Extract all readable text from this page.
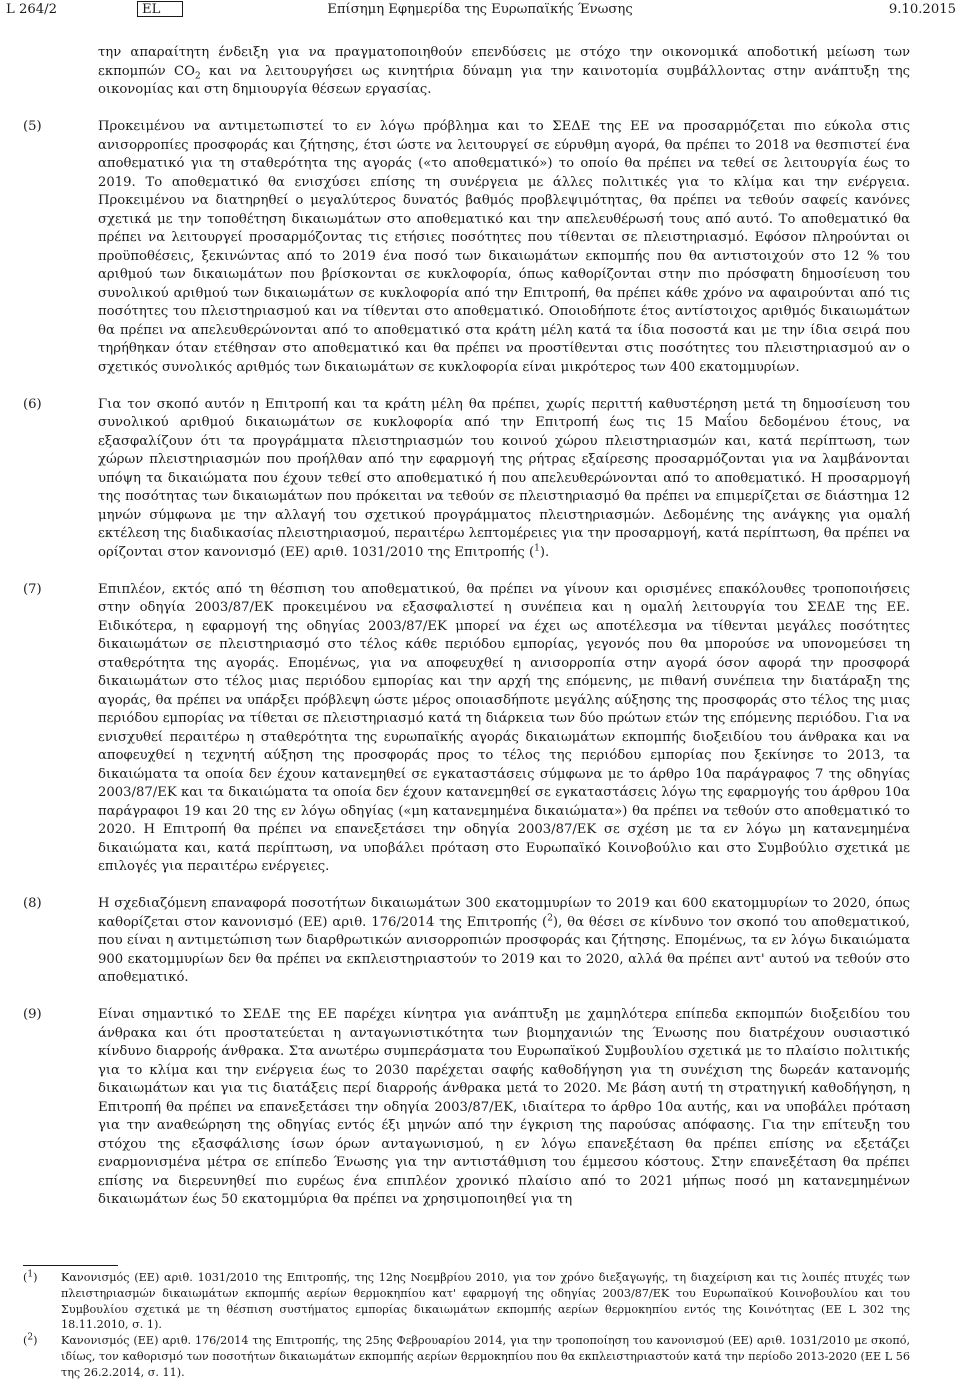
L 264/2	Επίσημη Εφημερίδα της Ευρωπαϊκής Ένωσης
EL	9.10.2015

την απαραίτητη ένδειξη για να πραγματοποιηθούν επενδύσεις με στόχο την οικονομικά αποδοτική μείωση των εκπομπών $CO_2$ και να λειτουργήσει ως κινητήρια δύναμη για την καινοτομία συμβάλλοντας στην ανάπτυξη της οικονομίας και στη δημιουργία θέσεων εργασίας.

(5)	Προκειμένου να αντιμετωπιστεί το εν λόγω πρόβλημα και το ΣΕΔΕ της ΕΕ να προσαρμόζεται πιο εύκολα στις ανισορροπίες προσφοράς και ζήτησης, έτσι ώστε να λειτουργεί σε εύρυθμη αγορά, θα πρέπει το 2018 να θεσπιστεί ένα αποθεματικό για τη σταθερότητα της αγοράς («το αποθεματικό») το οποίο θα πρέπει να τεθεί σε λειτουργία έως το 2019. Το αποθεματικό θα ενισχύσει επίσης τη συνέργεια με άλλες πολιτικές για το κλίμα και την ενέργεια. Προκειμένου να διατηρηθεί ο μεγαλύτερος δυνατός βαθμός προβλεψιμότητας, θα πρέπει να τεθούν σαφείς κανόνες σχετικά με την τοποθέτηση δικαιωμάτων στο αποθεματικό και την απελευθέρωσή τους από αυτό. Το αποθεματικό θα πρέπει να λειτουργεί προσαρμόζοντας τις ετήσιες ποσότητες που τίθενται σε πλειστηριασμό. Εφόσον πληρούνται οι προϋποθέσεις, ξεκινώντας από το 2019 ένα ποσό των δικαιωμάτων εκπομπής που θα αντιστοιχούν στο 12 % του αριθμού των δικαιωμάτων που βρίσκονται σε κυκλοφορία, όπως καθορίζονται στην πιο πρόσφατη δημοσίευση του συνολικού αριθμού των δικαιωμάτων σε κυκλοφορία από την Επιτροπή, θα πρέπει κάθε χρόνο να αφαιρούνται από τις ποσότητες του πλειστηριασμού και να τίθενται στο αποθεματικό. Οποιοδήποτε έτος αντίστοιχος αριθμός δικαιωμάτων θα πρέπει να απελευθερώνονται από το αποθεματικό στα κράτη μέλη κατά τα ίδια ποσοστά και με την ίδια σειρά που τηρήθηκαν όταν ετέθησαν στο αποθεματικό και θα πρέπει να προστίθενται στις ποσότητες του πλειστηριασμού αν ο σχετικός συνολικός αριθμός των δικαιωμάτων σε κυκλοφορία είναι μικρότερος των 400 εκατομμυρίων.

(6)	Για τον σκοπό αυτόν η Επιτροπή και τα κράτη μέλη θα πρέπει, χωρίς περιττή καθυστέρηση μετά τη δημοσίευση του συνολικού αριθμού δικαιωμάτων σε κυκλοφορία από την Επιτροπή έως τις 15 Μαΐου δεδομένου έτους, να εξασφαλίζουν ότι τα προγράμματα πλειστηριασμών του κοινού χώρου πλειστηριασμών και, κατά περίπτωση, των χώρων πλειστηριασμών που προήλθαν από την εφαρμογή της ρήτρας εξαίρεσης προσαρμόζονται για να λαμβάνονται υπόψη τα δικαιώματα που έχουν τεθεί στο αποθεματικό ή που απελευθερώνονται από το αποθεματικό. Η προσαρμογή της ποσότητας των δικαιωμάτων που πρόκειται να τεθούν σε πλειστηριασμό θα πρέπει να επιμερίζεται σε διάστημα 12 μηνών σύμφωνα με την αλλαγή του σχετικού προγράμματος πλειστηριασμών. Δεδομένης της ανάγκης για ομαλή εκτέλεση της διαδικασίας πλειστηριασμού, περαιτέρω λεπτομέρειες για την προσαρμογή, κατά περίπτωση, θα πρέπει να ορίζονται στον κανονισμό (ΕΕ) αριθ. 1031/2010 της Επιτροπής ($^1$).

(7)	Επιπλέον, εκτός από τη θέσπιση του αποθεματικού, θα πρέπει να γίνουν και ορισμένες επακόλουθες τροποποιήσεις στην οδηγία 2003/87/ΕΚ προκειμένου να εξασφαλιστεί η συνέπεια και η ομαλή λειτουργία του ΣΕΔΕ της ΕΕ. Ειδικότερα, η εφαρμογή της οδηγίας 2003/87/ΕΚ μπορεί να έχει ως αποτέλεσμα να τίθενται μεγάλες ποσότητες δικαιωμάτων σε πλειστηριασμό στο τέλος κάθε περιόδου εμπορίας, γεγονός που θα μπορούσε να υπονομεύσει τη σταθερότητα της αγοράς. Επομένως, για να αποφευχθεί η ανισορροπία στην αγορά όσον αφορά την προσφορά δικαιωμάτων στο τέλος μιας περιόδου εμπορίας και την αρχή της επόμενης, με πιθανή συνέπεια την διατάραξη της αγοράς, θα πρέπει να υπάρξει πρόβλεψη ώστε μέρος οποιασδήποτε μεγάλης αύξησης της προσφοράς στο τέλος της μιας περιόδου εμπορίας να τίθεται σε πλειστηριασμό κατά τη διάρκεια των δύο πρώτων ετών της επόμενης περιόδου. Για να ενισχυθεί περαιτέρω η σταθερότητα της ευρωπαϊκής αγοράς δικαιωμάτων εκπομπής διοξειδίου του άνθρακα και να αποφευχθεί η τεχνητή αύξηση της προσφοράς προς το τέλος της περιόδου εμπορίας που ξεκίνησε το 2013, τα δικαιώματα τα οποία δεν έχουν κατανεμηθεί σε εγκαταστάσεις σύμφωνα με το άρθρο 10α παράγραφος 7 της οδηγίας 2003/87/ΕΚ και τα δικαιώματα τα οποία δεν έχουν κατανεμηθεί σε εγκαταστάσεις λόγω της εφαρμογής του άρθρου 10α παράγραφοι 19 και 20 της εν λόγω οδηγίας («μη κατανεμημένα δικαιώματα») θα πρέπει να τεθούν στο αποθεματικό το 2020. Η Επιτροπή θα πρέπει να επανεξετάσει την οδηγία 2003/87/ΕΚ σε σχέση με τα εν λόγω μη κατανεμημένα δικαιώματα και, κατά περίπτωση, να υποβάλει πρόταση στο Ευρωπαϊκό Κοινοβούλιο και στο Συμβούλιο σχετικά με επιλογές για περαιτέρω ενέργειες.

(8)	Η σχεδιαζόμενη επαναφορά ποσοτήτων δικαιωμάτων 300 εκατομμυρίων το 2019 και 600 εκατομμυρίων το 2020, όπως καθορίζεται στον κανονισμό (ΕΕ) αριθ. 176/2014 της Επιτροπής ($^2$), θα θέσει σε κίνδυνο τον σκοπό του αποθεματικού, που είναι η αντιμετώπιση των διαρθρωτικών ανισορροπιών προσφοράς και ζήτησης. Επομένως, τα εν λόγω δικαιώματα 900 εκατομμυρίων δεν θα πρέπει να εκπλειστηριαστούν το 2019 και το 2020, αλλά θα πρέπει αντ' αυτού να τεθούν στο αποθεματικό.

(9)	Είναι σημαντικό το ΣΕΔΕ της ΕΕ παρέχει κίνητρα για ανάπτυξη με χαμηλότερα επίπεδα εκπομπών διοξειδίου του άνθρακα και ότι προστατεύεται η ανταγωνιστικότητα των βιομηχανιών της Ένωσης που διατρέχουν ουσιαστικό κίνδυνο διαρροής άνθρακα. Στα ανωτέρω συμπεράσματα του Ευρωπαϊκού Συμβουλίου σχετικά με το πλαίσιο πολιτικής για το κλίμα και την ενέργεια έως το 2030 παρέχεται σαφής καθοδήγηση για τη συνέχιση της δωρεάν κατανομής δικαιωμάτων και για τις διατάξεις περί διαρροής άνθρακα μετά το 2020. Με βάση αυτή τη στρατηγική καθοδήγηση, η Επιτροπή θα πρέπει να επανεξετάσει την οδηγία 2003/87/ΕΚ, ιδιαίτερα το άρθρο 10α αυτής, και να υποβάλει πρόταση για την αναθεώρηση της οδηγίας εντός έξι μηνών από την έγκριση της παρούσας απόφασης. Για την επίτευξη του στόχου της εξασφάλισης ίσων όρων ανταγωνισμού, η εν λόγω επανεξέταση θα πρέπει επίσης να εξετάζει εναρμονισμένα μέτρα σε επίπεδο Ένωσης για την αντιστάθμιση του έμμεσου κόστους. Στην επανεξέταση θα πρέπει επίσης να διερευνηθεί πιο ευρέως ένα επιπλέον χρονικό πλαίσιο από το 2021 μήπως ποσό μη κατανεμημένων δικαιωμάτων έως 50 εκατομμύρια θα πρέπει να χρησιμοποιηθεί για τη

($^1$) Κανονισμός (ΕΕ) αριθ. 1031/2010 της Επιτροπής, της 12ης Νοεμβρίου 2010, για τον χρόνο διεξαγωγής, τη διαχείριση και τις λοιπές πτυχές των πλειστηριασμών δικαιωμάτων εκπομπής αερίων θερμοκηπίου κατ' εφαρμογή της οδηγίας 2003/87/ΕΚ του Ευρωπαϊκού Κοινοβουλίου και του Συμβουλίου σχετικά με τη θέσπιση συστήματος εμπορίας δικαιωμάτων εκπομπής αερίων θερμοκηπίου εντός της Κοινότητας (ΕΕ L 302 της 18.11.2010, σ. 1).

($^2$) Κανονισμός (ΕΕ) αριθ. 176/2014 της Επιτροπής, της 25ης Φεβρουαρίου 2014, για την τροποποίηση του κανονισμού (ΕΕ) αριθ. 1031/2010 με σκοπό, ιδίως, τον καθορισμό των ποσοτήτων δικαιωμάτων εκπομπής αερίων θερμοκηπίου που θα εκπλειστηριαστούν κατά την περίοδο 2013-2020 (ΕΕ L 56 της 26.2.2014, σ. 11).
